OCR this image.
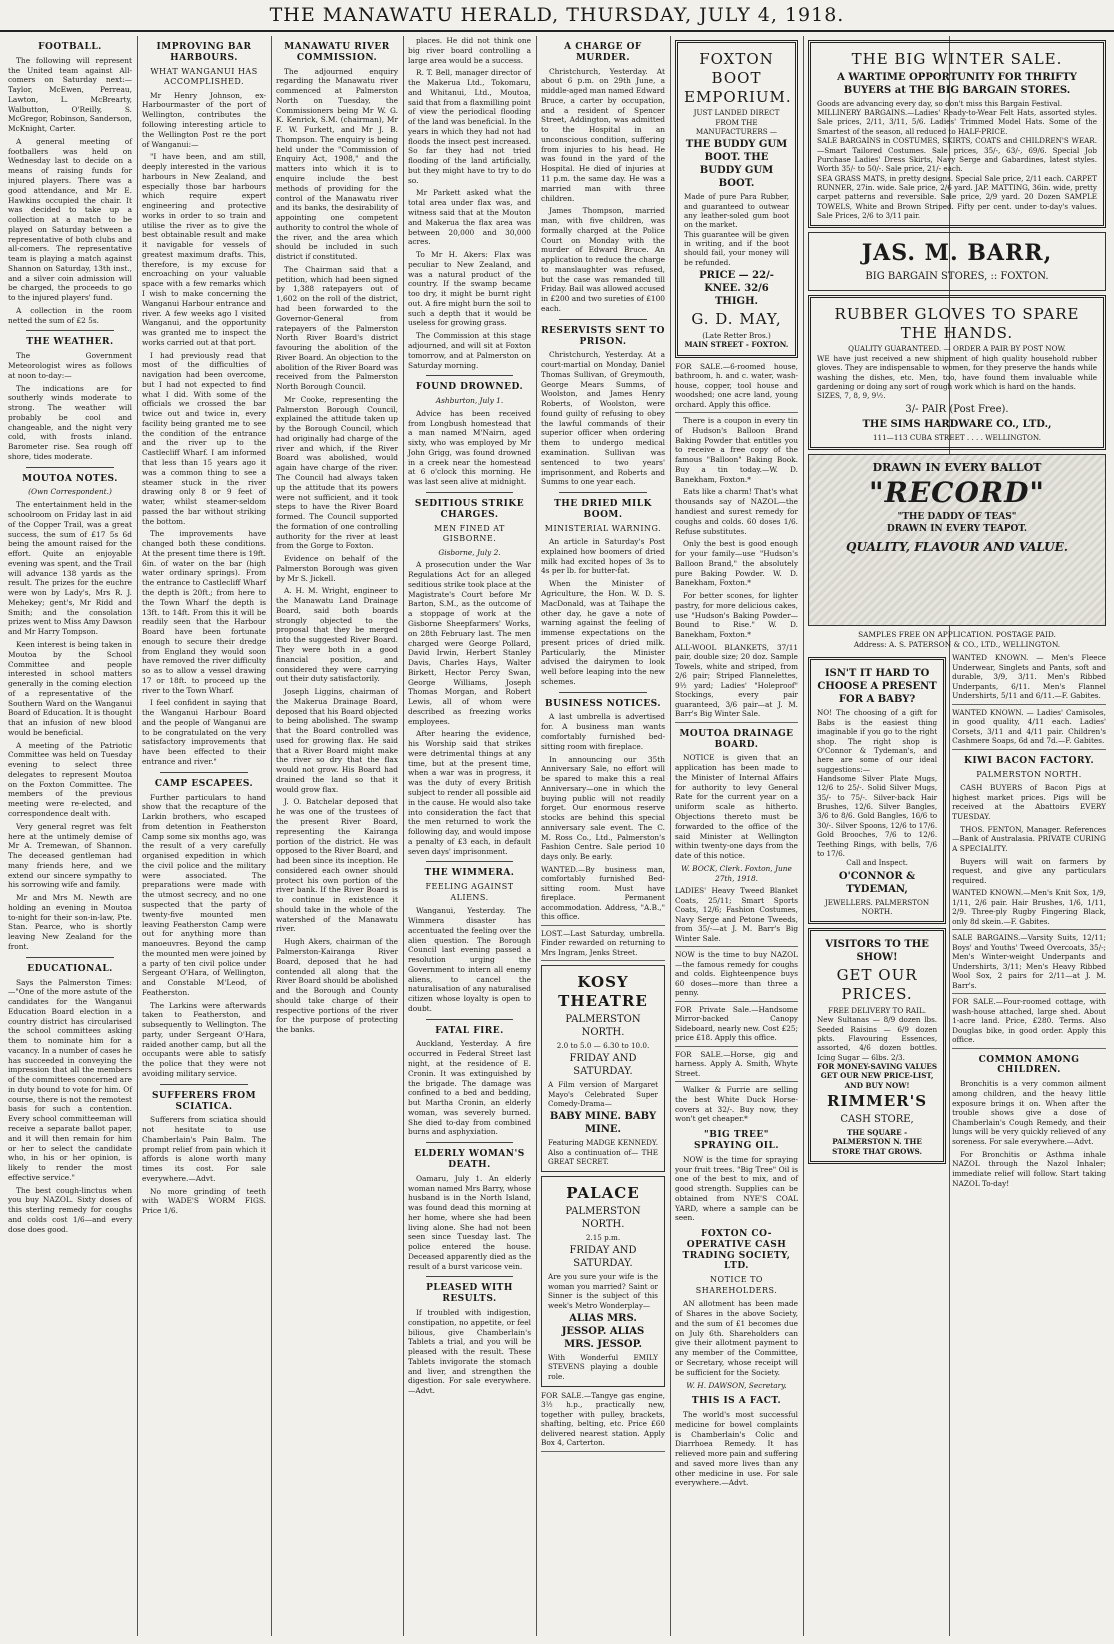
THE MANAWATU HERALD, THURSDAY, JULY 4, 1918.
FOOTBALL.

The following will represent the United team against All-comers on Saturday next:—Taylor, McEwen, Perreau, Lawton, L. McBrearty, Walbutton, O'Reilly, S. McGregor, Robinson, Sanderson, McKnight, Carter.

A general meeting of footballers was held on Wednesday last to decide on a means of raising funds for injured players. There was a good attendance, and Mr E. Hawkins occupied the chair. It was decided to take up a collection at a match to be played on Saturday between a representative of both clubs and all-comers. The representative team is playing a match against Shannon on Saturday, 13th inst., and a silver coin admission will be charged, the proceeds to go to the injured players' fund.

A collection in the room netted the sum of £2 5s.

THE WEATHER.

The Government Meteorologist wires as follows at noon to-day:—

The indications are for southerly winds moderate to strong. The weather will probably be cool and changeable, and the night very cold, with frosts inland. Barometer rise. Sea rough off shore, tides moderate.

MOUTOA NOTES.

(Own Correspondent.)

The entertainment held in the schoolroom on Friday last in aid of the Copper Trail, was a great success, the sum of £17 5s 6d being the amount raised for the effort. Quite an enjoyable evening was spent, and the Trail will advance 138 yards as the result. The prizes for the euchre were won by Lady's, Mrs R. J. Mehekey; gent's, Mr Ridd and Smith; and the consolation prizes went to Miss Amy Dawson and Mr Harry Tompson.

Keen interest is being taken in Moutoa by the School Committee and people interested in school matters generally in the coming election of a representative of the Southern Ward on the Wanganui Board of Education. It is thought that an infusion of new blood would be beneficial.

A meeting of the Patriotic Committee was held on Tuesday evening to select three delegates to represent Moutoa on the Foxton Committee. The members of the previous meeting were re-elected, and correspondence dealt with.

Very general regret was felt here at the untimely demise of Mr A. Tremewan, of Shannon. The deceased gentleman had many friends here, and we extend our sincere sympathy to his sorrowing wife and family.

Mr and Mrs M. Newth are holding an evening in Moutoa to-night for their son-in-law, Pte. Stan. Pearce, who is shortly leaving New Zealand for the front.

EDUCATIONAL.

Says the Palmerston Times:—"One of the more astute of the candidates for the Wanganui Education Board election in a country district has circularised the school committees asking them to nominate him for a vacancy. In a number of cases he has succeeded in conveying the impression that all the members of the committees concerned are in duty bound to vote for him. Of course, there is not the remotest basis for such a contention. Every school committeeman will receive a separate ballot paper, and it will then remain for him or her to select the candidate who, in his or her opinion, is likely to render the most effective service."

The best cough-linctus when you buy NAZOL. Sixty doses of this sterling remedy for coughs and colds cost 1/6—and every dose does good.

IMPROVING BAR HARBOURS.
WHAT WANGANUI HAS ACCOMPLISHED.

Mr Henry Johnson, ex-Harbourmaster of the port of Wellington, contributes the following interesting article to the Wellington Post re the port of Wanganui:—

"I have been, and am still, deeply interested in the various harbours in New Zealand, and especially those bar harbours which require expert engineering and protective works in order to so train and utilise the river as to give the best obtainable result and make it navigable for vessels of greatest maximum drafts. This, therefore, is my excuse for encroaching on your valuable space with a few remarks which I wish to make concerning the Wanganui Harbour entrance and river. A few weeks ago I visited Wanganui, and the opportunity was granted me to inspect the works carried out at that port.

I had previously read that most of the difficulties of navigation had been overcome, but I had not expected to find what I did. With some of the officials we crossed the bar twice out and twice in, every facility being granted me to see the condition of the entrance and the river up to the Castlecliff Wharf. I am informed that less than 15 years ago it was a common thing to see a steamer stuck in the river drawing only 8 or 9 feet of water, whilst steamer-seldom passed the bar without striking the bottom.

The improvements have changed both these conditions. At the present time there is 19ft. 6in. of water on the bar (high water ordinary springs). From the entrance to Castlecliff Wharf the depth is 20ft.; from here to the Town Wharf the depth is 13ft. to 14ft. From this it will be readily seen that the Harbour Board have been fortunate enough to secure their dredge from England they would soon have removed the river difficulty so as to allow a vessel drawing 17 or 18ft. to proceed up the river to the Town Wharf.

I feel confident in saying that the Wanganui Harbour Board and the people of Wanganui are to be congratulated on the very satisfactory improvements that have been effected to their entrance and river."

CAMP ESCAPEES.

Further particulars to hand show that the recapture of the Larkin brothers, who escaped from detention in Featherston Camp some six months ago, was the result of a very carefully organised expedition in which the civil police and the military were associated. The preparations were made with the utmost secrecy, and no one suspected that the party of twenty-five mounted men leaving Featherston Camp were out for anything more than manoeuvres. Beyond the camp the mounted men were joined by a party of ten civil police under Sergeant O'Hara, of Wellington, and Constable M'Leod, of Featherston.

The Larkins were afterwards taken to Featherston, and subsequently to Wellington. The party, under Sergeant O'Hara, raided another camp, but all the occupants were able to satisfy the police that they were not avoiding military service.

SUFFERERS FROM SCIATICA.

Sufferers from sciatica should not hesitate to use Chamberlain's Pain Balm. The prompt relief from pain which it affords is alone worth many times its cost. For sale everywhere.—Advt.

No more grinding of teeth with WADE'S WORM FIGS. Price 1/6.

MANAWATU RIVER COMMISSION.

The adjourned enquiry regarding the Manawatu river commenced at Palmerston North on Tuesday, the Commissioners being Mr W. G. K. Kenrick, S.M. (chairman), Mr F. W. Furkett, and Mr J. B. Thompson. The enquiry is being held under the "Commission of Enquiry Act, 1908," and the matters into which it is to enquire include the best methods of providing for the control of the Manawatu river and its banks, the desirability of appointing one competent authority to control the whole of the river, and the area which should be included in such district if constituted.

The Chairman said that a petition, which had been signed by 1,388 ratepayers out of 1,602 on the roll of the district, had been forwarded to the Governor-General from ratepayers of the Palmerston North River Board's district favouring the abolition of the River Board. An objection to the abolition of the River Board was received from the Palmerston North Borough Council.

Mr Cooke, representing the Palmerston Borough Council, explained the attitude taken up by the Borough Council, which had originally had charge of the river and which, if the River Board was abolished, would again have charge of the river. The Council had always taken up the attitude that its powers were not sufficient, and it took steps to have the River Board formed. The Council supported the formation of one controlling authority for the river at least from the Gorge to Foxton.

Evidence on behalf of the Palmerston Borough was given by Mr S. Jickell.

A. H. M. Wright, engineer to the Manawatu Land Drainage Board, said both boards strongly objected to the proposal that they be merged into the suggested River Board. They were both in a good financial position, and considered they were carrying out their duty satisfactorily.

Joseph Liggins, chairman of the Makerua Drainage Board, deposed that his Board objected to being abolished. The swamp that the Board controlled was used for growing flax. He said that a River Board might make the river so dry that the flax would not grow. His Board had drained the land so that it would grow flax.

J. O. Batchelar deposed that he was one of the trustees of the present River Board, representing the Kairanga portion of the district. He was opposed to the River Board, and had been since its inception. He considered each owner should protect his own portion of the river bank. If the River Board is to continue in existence it should take in the whole of the watershed of the Manawatu river.

Hugh Akers, chairman of the Palmerston-Kairanga River Board, deposed that he had contended all along that the River Board should be abolished and the Borough and County should take charge of their respective portions of the river for the purpose of protecting the banks.

places. He did not think one big river board controlling a large area would be a success.

R. T. Bell, manager director of the Makerua Ltd., Tokomaru, and Whitanui, Ltd., Moutoa, said that from a flaxmilling point of view the periodical flooding of the land was beneficial. In the years in which they had not had floods the insect pest increased. So far they had not tried flooding of the land artificially, but they might have to try to do so.

Mr Parkett asked what the total area under flax was, and witness said that at the Mouton and Makerua the flax area was between 20,000 and 30,000 acres.

To Mr H. Akers: Flax was peculiar to New Zealand, and was a natural product of the country. If the swamp became too dry, it might be burnt right out. A fire might burn the soil to such a depth that it would be useless for growing grass.

The Commission at this stage adjourned, and will sit at Foxton tomorrow, and at Palmerston on Saturday morning.

FOUND DROWNED.

Ashburton, July 1.

Advice has been received from Longbush homestead that a man named M'Nairn, aged sixty, who was employed by Mr John Grigg, was found drowned in a creek near the homestead at 6 o'clock this morning. He was last seen alive at midnight.

SEDITIOUS STRIKE CHARGES.
MEN FINED AT GISBORNE.

Gisborne, July 2.

A prosecution under the War Regulations Act for an alleged seditious strike took place at the Magistrate's Court before Mr Barton, S.M., as the outcome of a stoppage of work at the Gisborne Sheepfarmers' Works, on 28th February last. The men charged were George Pollard, David Irwin, Herbert Stanley Davis, Charles Hays, Walter Birkett, Hector Percy Swan, George Williams, Joseph Thomas Morgan, and Robert Lewis, all of whom were described as freezing works employees.

After hearing the evidence, his Worship said that strikes were detrimental things at any time, but at the present time, when a war was in progress, it was the duty of every British subject to render all possible aid in the cause. He would also take into consideration the fact that the men returned to work the following day, and would impose a penalty of £3 each, in default seven days' imprisonment.

THE WIMMERA.
FEELING AGAINST ALIENS.

Wanganui, Yesterday. The Wimmera disaster has accentuated the feeling over the alien question. The Borough Council last evening passed a resolution urging the Government to intern all enemy aliens, to cancel the naturalisation of any naturalised citizen whose loyalty is open to doubt.

FATAL FIRE.

Auckland, Yesterday. A fire occurred in Federal Street last night, at the residence of E. Cronin. It was extinguished by the brigade. The damage was confined to a bed and bedding, but Martha Cronin, an elderly woman, was severely burned. She died to-day from combined burns and asphyxiation.

ELDERLY WOMAN'S DEATH.

Oamaru, July 1. An elderly woman named Mrs Barry, whose husband is in the North Island, was found dead this morning at her home, where she had been living alone. She had not been seen since Tuesday last. The police entered the house. Deceased apparently died as the result of a burst varicose vein.

PLEASED WITH RESULTS.

If troubled with indigestion, constipation, no appetite, or feel bilious, give Chamberlain's Tablets a trial, and you will be pleased with the result. These Tablets invigorate the stomach and liver, and strengthen the digestion. For sale everywhere.—Advt.

A CHARGE OF MURDER.

Christchurch, Yesterday. At about 6 p.m. on 29th June, a middle-aged man named Edward Bruce, a carter by occupation, and a resident of Spencer Street, Addington, was admitted to the Hospital in an unconscious condition, suffering from injuries to his head. He was found in the yard of the Hospital. He died of injuries at 11 p.m. the same day. He was a married man with three children.

James Thompson, married man, with five children, was formally charged at the Police Court on Monday with the murder of Edward Bruce. An application to reduce the charge to manslaughter was refused, but the case was remanded till Friday. Bail was allowed accused in £200 and two sureties of £100 each.

RESERVISTS SENT TO PRISON.

Christchurch, Yesterday. At a court-martial on Monday, Daniel Thomas Sullivan, of Greymouth, George Mears Summs, of Woolston, and James Henry Roberts, of Woolston, were found guilty of refusing to obey the lawful commands of their superior officer when ordering them to undergo medical examination. Sullivan was sentenced to two years' imprisonment, and Roberts and Summs to one year each.

THE DRIED MILK BOOM.
MINISTERIAL WARNING.

An article in Saturday's Post explained how boomers of dried milk had excited hopes of 3s to 4s per lb. for butter-fat.

When the Minister of Agriculture, the Hon. W. D. S. MacDonald, was at Taihape the other day, he gave a note of warning against the feeling of immense expectations on the present prices of dried milk. Particularly, the Minister advised the dairymen to look well before leaping into the new schemes.

BUSINESS NOTICES.

A last umbrella is advertised for. A business man wants comfortably furnished bed-sitting room with fireplace.

In announcing our 35th Anniversary Sale, no effort will be spared to make this a real Anniversary—one in which the buying public will not readily forget. Our enormous reserve stocks are behind this special anniversary sale event. The C. M. Ross Co., Ltd., Palmerston's Fashion Centre. Sale period 10 days only. Be early.

WANTED.—By business man, comfortably furnished Bed-sitting room. Must have fireplace. Permanent accommodation. Address, "A.B.," this office.
LOST.—Last Saturday, umbrella. Finder rewarded on returning to Mrs Ingram, Jenks Street.
KOSY THEATRE
PALMERSTON NORTH.
2.0 to 5.0 — 6.30 to 10.0.
FRIDAY AND SATURDAY.
A Film version of Margaret Mayo's Celebrated Super Comedy-Drama—
BABY MINE. BABY MINE.
Featuring MADGE KENNEDY. Also a continuation of— THE GREAT SECRET.
PALACE
PALMERSTON NORTH.
2.15 p.m.
FRIDAY AND SATURDAY.
Are you sure your wife is the woman you married? Saint or Sinner is the subject of this week's Metro Wonderplay—
ALIAS MRS. JESSOP. ALIAS MRS. JESSOP.
With Wonderful EMILY STEVENS playing a double role.
FOR SALE.—Tangye gas engine, 3½ h.p., practically new, together with pulley, brackets, shafting, belting, etc. Price £60 delivered nearest station. Apply Box 4, Carterton.
FOXTON BOOT EMPORIUM.
JUST LANDED DIRECT FROM THE MANUFACTURERS —
THE BUDDY GUM BOOT. THE BUDDY GUM BOOT.
Made of pure Para Rubber, and guaranteed to outwear any leather-soled gum boot on the market.
This guarantee will be given in writing, and if the boot should fail, your money will be refunded.
PRICE — 22/- KNEE. 32/6 THIGH.
G. D. MAY,
(Late Retter Bros.)
MAIN STREET - FOXTON.
FOR SALE.—6-roomed house, bathroom, h. and c. water, wash-house, copper, tool house and woodshed; one acre land, young orchard. Apply this office.

There is a coupon in every tin of Hudson's Balloon Brand Baking Powder that entitles you to receive a free copy of the famous "Balloon" Baking Book. Buy a tin today.—W. D. Banekham, Foxton.*

Eats like a charm! That's what thousands say of NAZOL—the handiest and surest remedy for coughs and colds. 60 doses 1/6. Refuse substitutes.

Only the best is good enough for your family—use "Hudson's Balloon Brand," the absolutely pure Baking Powder. W. D. Banekham, Foxton.*

For better scones, for lighter pastry, for more delicious cakes, use "Hudson's Baking Powder—Bound to Rise." W. D. Banekham, Foxton.*

ALL-WOOL BLANKETS, 37/11 pair, double size; 20 doz. Sample Towels, white and striped, from 2/6 pair; Striped Flannelettes, 9½ yard; Ladies' "Holeproof" Stockings, every pair guaranteed, 3/6 pair—at J. M. Barr's Big Winter Sale.
MOUTOA DRAINAGE BOARD.

NOTICE is given that an application has been made to the Minister of Internal Affairs for authority to levy General Rate for the current year on a uniform scale as hitherto. Objections thereto must be forwarded to the office of the said Minister at Wellington within twenty-one days from the date of this notice.

W. BOCK, Clerk. Foxton, June 27th, 1918.

LADIES' Heavy Tweed Blanket Coats, 25/11; Smart Sports Coats, 12/6; Fashion Costumes, Navy Serge and Petone Tweeds, from 35/-—at J. M. Barr's Big Winter Sale.
NOW is the time to buy NAZOL—the famous remedy for coughs and colds. Eighteenpence buys 60 doses—more than three a penny.
FOR Private Sale.—Handsome Mirror-backed Canopy Sideboard, nearly new. Cost £25; price £18. Apply this office.
FOR SALE.—Horse, gig and harness. Apply A. Smith, Whyte Street.

Walker & Furrie are selling the best White Duck Horse-covers at 32/-. Buy now, they won't get cheaper.*

"BIG TREE" SPRAYING OIL.

NOW is the time for spraying your fruit trees. "Big Tree" Oil is one of the best to mix, and of good strength. Supplies can be obtained from NYE'S COAL YARD, where a sample can be seen.

FOXTON CO-OPERATIVE CASH TRADING SOCIETY, LTD.
NOTICE TO SHAREHOLDERS.

AN allotment has been made of Shares in the above Society, and the sum of £1 becomes due on July 6th. Shareholders can give their allotment payment to any member of the Committee, or Secretary, whose receipt will be sufficient for the Society.

W. H. DAWSON, Secretary.

THIS IS A FACT.

The world's most successful medicine for bowel complaints is Chamberlain's Colic and Diarrhoea Remedy. It has relieved more pain and suffering and saved more lives than any other medicine in use. For sale everywhere.—Advt.

THE BIG WINTER SALE.
A WARTIME OPPORTUNITY FOR THRIFTY BUYERS at THE BIG BARGAIN STORES.
Goods are advancing every day, so don't miss this Bargain Festival.
MILLINERY BARGAINS.—Ladies' Ready-to-Wear Felt Hats, assorted styles. Sale prices, 2/11, 3/11, 5/6. Ladies' Trimmed Model Hats. Some of the Smartest of the season, all reduced to HALF-PRICE.
SALE BARGAINS in COSTUMES, SKIRTS, COATS and CHILDREN'S WEAR.—Smart Tailored Costumes. Sale prices, 35/-, 63/-, 69/6. Special Job Purchase Ladies' Dress Skirts, Navy Serge and Gabardines, latest styles. Worth 35/- to 50/-. Sale price, 21/- each.
SEA GRASS MATS, in pretty designs. Special Sale price, 2/11 each. CARPET RUNNER, 27in. wide. Sale price, 2/6 yard. JAP. MATTING, 36in. wide, pretty carpet patterns and reversible. Sale price, 2/9 yard. 20 Dozen SAMPLE TOWELS, White and Brown Striped. Fifty per cent. under to-day's values. Sale Prices, 2/6 to 3/11 pair.
JAS. M. BARR,
BIG BARGAIN STORES, :: FOXTON.
RUBBER GLOVES TO SPARE THE HANDS.
QUALITY GUARANTEED. — ORDER A PAIR BY POST NOW.
WE have just received a new shipment of high quality household rubber gloves. They are indispensable to women, for they preserve the hands while washing the dishes, etc. Men, too, have found them invaluable while gardening or doing any sort of rough work which is hard on the hands.
SIZES, 7, 8, 9, 9½.
3/- PAIR (Post Free).
THE SIMS HARDWARE CO., LTD.,
111—113 CUBA STREET . . . . WELLINGTON.
DRAWN IN EVERY BALLOT
"RECORD"
"THE DADDY OF TEAS"
DRAWN IN EVERY TEAPOT.
QUALITY, FLAVOUR AND VALUE.
SAMPLES FREE ON APPLICATION. POSTAGE PAID.
Address: A. S. PATERSON & CO., LTD., WELLINGTON.
ISN'T IT HARD TO CHOOSE A PRESENT FOR A BABY?
NO! The choosing of a gift for Babs is the easiest thing imaginable if you go to the right shop. The right shop is O'Connor & Tydeman's, and here are some of our ideal suggestions:—
Handsome Silver Plate Mugs, 12/6 to 25/-. Solid Silver Mugs, 35/- to 75/-. Silver-back Hair Brushes, 12/6. Silver Bangles, 3/6 to 8/6. Gold Bangles, 16/6 to 30/-. Silver Spoons, 12/6 to 17/6. Gold Brooches, 7/6 to 12/6. Teething Rings, with bells, 7/6 to 17/6.
Call and Inspect.
O'CONNOR & TYDEMAN,
JEWELLERS. PALMERSTON NORTH.
VISITORS TO THE SHOW!
GET OUR PRICES.
FREE DELIVERY TO RAIL.
New Sultanas — 8/9 dozen lbs. Seeded Raisins — 6/9 dozen pkts. Flavouring Essences, assorted, 4/6 dozen bottles. Icing Sugar — 6lbs. 2/3.
FOR MONEY-SAVING VALUES GET OUR NEW PRICE-LIST, AND BUY NOW!
RIMMER'S
CASH STORE,
THE SQUARE - PALMERSTON N. THE STORE THAT GROWS.
WANTED KNOWN. — Men's Fleece Underwear, Singlets and Pants, soft and durable, 3/9, 3/11. Men's Ribbed Underpants, 6/11. Men's Flannel Undershirts, 5/11 and 6/11.—F. Gabites.
WANTED KNOWN. — Ladies' Camisoles, in good quality, 4/11 each. Ladies' Corsets, 3/11 and 4/11 pair. Children's Cashmere Soaps, 6d and 7d.—F. Gabites.
KIWI BACON FACTORY.
PALMERSTON NORTH.

CASH BUYERS of Bacon Pigs at highest market prices. Pigs will be received at the Abattoirs EVERY TUESDAY.

THOS. FENTON, Manager. References—Bank of Australasia. PRIVATE CURING A SPECIALITY.

Buyers will wait on farmers by request, and give any particulars required.

WANTED KNOWN.—Men's Knit Sox, 1/9, 1/11, 2/6 pair. Hair Brushes, 1/6, 1/11, 2/9. Three-ply Rugby Fingering Black, only 8d skein.—F. Gabites.
SALE BARGAINS.—Varsity Suits, 12/11; Boys' and Youths' Tweed Overcoats, 35/-; Men's Winter-weight Underpants and Undershirts, 3/11; Men's Heavy Ribbed Wool Sox, 2 pairs for 2/11—at J. M. Barr's.
FOR SALE.—Four-roomed cottage, with wash-house attached, large shed. About 1-acre land. Price, £280. Terms. Also Douglas bike, in good order. Apply this office.
COMMON AMONG CHILDREN.

Bronchitis is a very common ailment among children, and the heavy little exposure brings it on. When after the trouble shows give a dose of Chamberlain's Cough Remedy, and their lungs will be very quickly relieved of any soreness. For sale everywhere.—Advt.

For Bronchitis or Asthma inhale NAZOL through the Nazol Inhaler; immediate relief will follow. Start taking NAZOL To-day!
